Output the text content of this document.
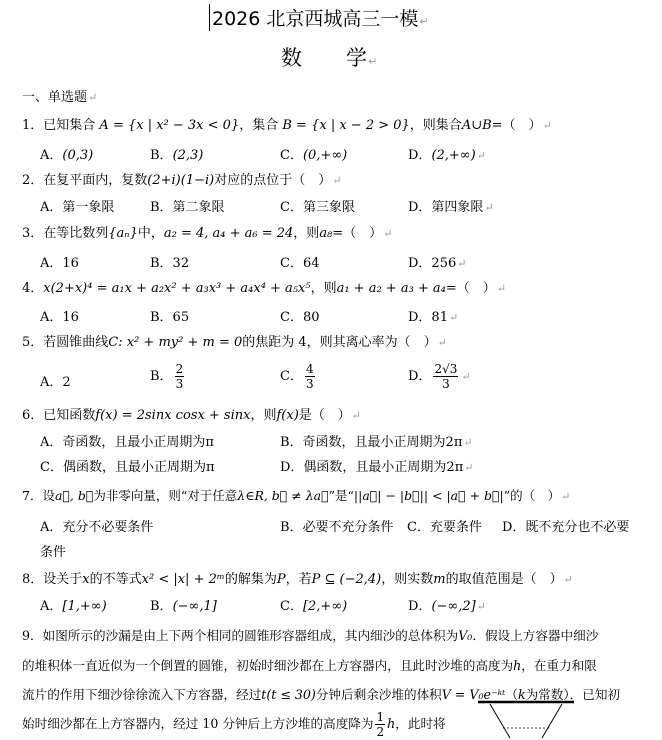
2026 北京西城高三一模↵
数 学↵
一、单选题↵
1．已知集合 A = {x | x² − 3x < 0}，集合 B = {x | x − 2 > 0}，则集合A∪B=（　）↵
A．(0,3)	B．(2,3)	C．(0,+∞)	D．(2,+∞)↵
2．在复平面内，复数(2+i)(1−i)对应的点位于（　）↵
A．第一象限	B．第二象限	C．第三象限	D．第四象限↵
3．在等比数列{aₙ}中，a₂ = 4, a₄ + a₆ = 24，则a₈=（　）↵
A．16	B．32	C．64	D．256↵
4．x(2+x)⁴ = a₁x + a₂x² + a₃x³ + a₄x⁴ + a₅x⁵，则a₁ + a₂ + a₃ + a₄=（　）↵
A．16	B．65	C．80	D．81↵
5．若圆锥曲线C: x² + my² + m = 0的焦距为 4，则其离心率为（　）↵
A．2	B． $\frac{2}{3}$	C． $\frac{4}{3}$	D． $\frac{2√3}{3}$ ↵
6．已知函数f(x) = 2sinx cosx + sinx，则f(x)是（　）↵
A．奇函数，且最小正周期为π	B．奇函数，且最小正周期为2π↵
C．偶函数，且最小正周期为π	D．偶函数，且最小正周期为2π↵
7．设a⃗, b⃗为非零向量，则“对于任意λ∈R, b⃗ ≠ λa⃗”是“||a⃗| − |b⃗|| < |a⃗ + b⃗|”的（　）↵
A．充分不必要条件	B．必要不充分条件 C．充要条件 D．既不充分也不必要
条件
8．设关于x的不等式x² < |x| + 2ᵐ的解集为P，若P ⊆ (−2,4)，则实数m的取值范围是（　）↵
A．[1,+∞)	B．(−∞,1]	C．[2,+∞)	D．(−∞,2]↵
9．如图所示的沙漏是由上下两个相同的圆锥形容器组成，其内细沙的总体积为V₀．假设上方容器中细沙
的堆积体一直近似为一个倒置的圆锥，初始时细沙都在上方容器内，且此时沙堆的高度为h，在重力和限
流片的作用下细沙徐徐流入下方容器，经过t(t ≤ 30)分钟后剩余沙堆的体积V = V₀e⁻ᵏᵗ（k为常数）．已知初
始时细沙都在上方容器内，经过 10 分钟后上方沙堆的高度降为 $\frac{1}{2}$ h，此时将
